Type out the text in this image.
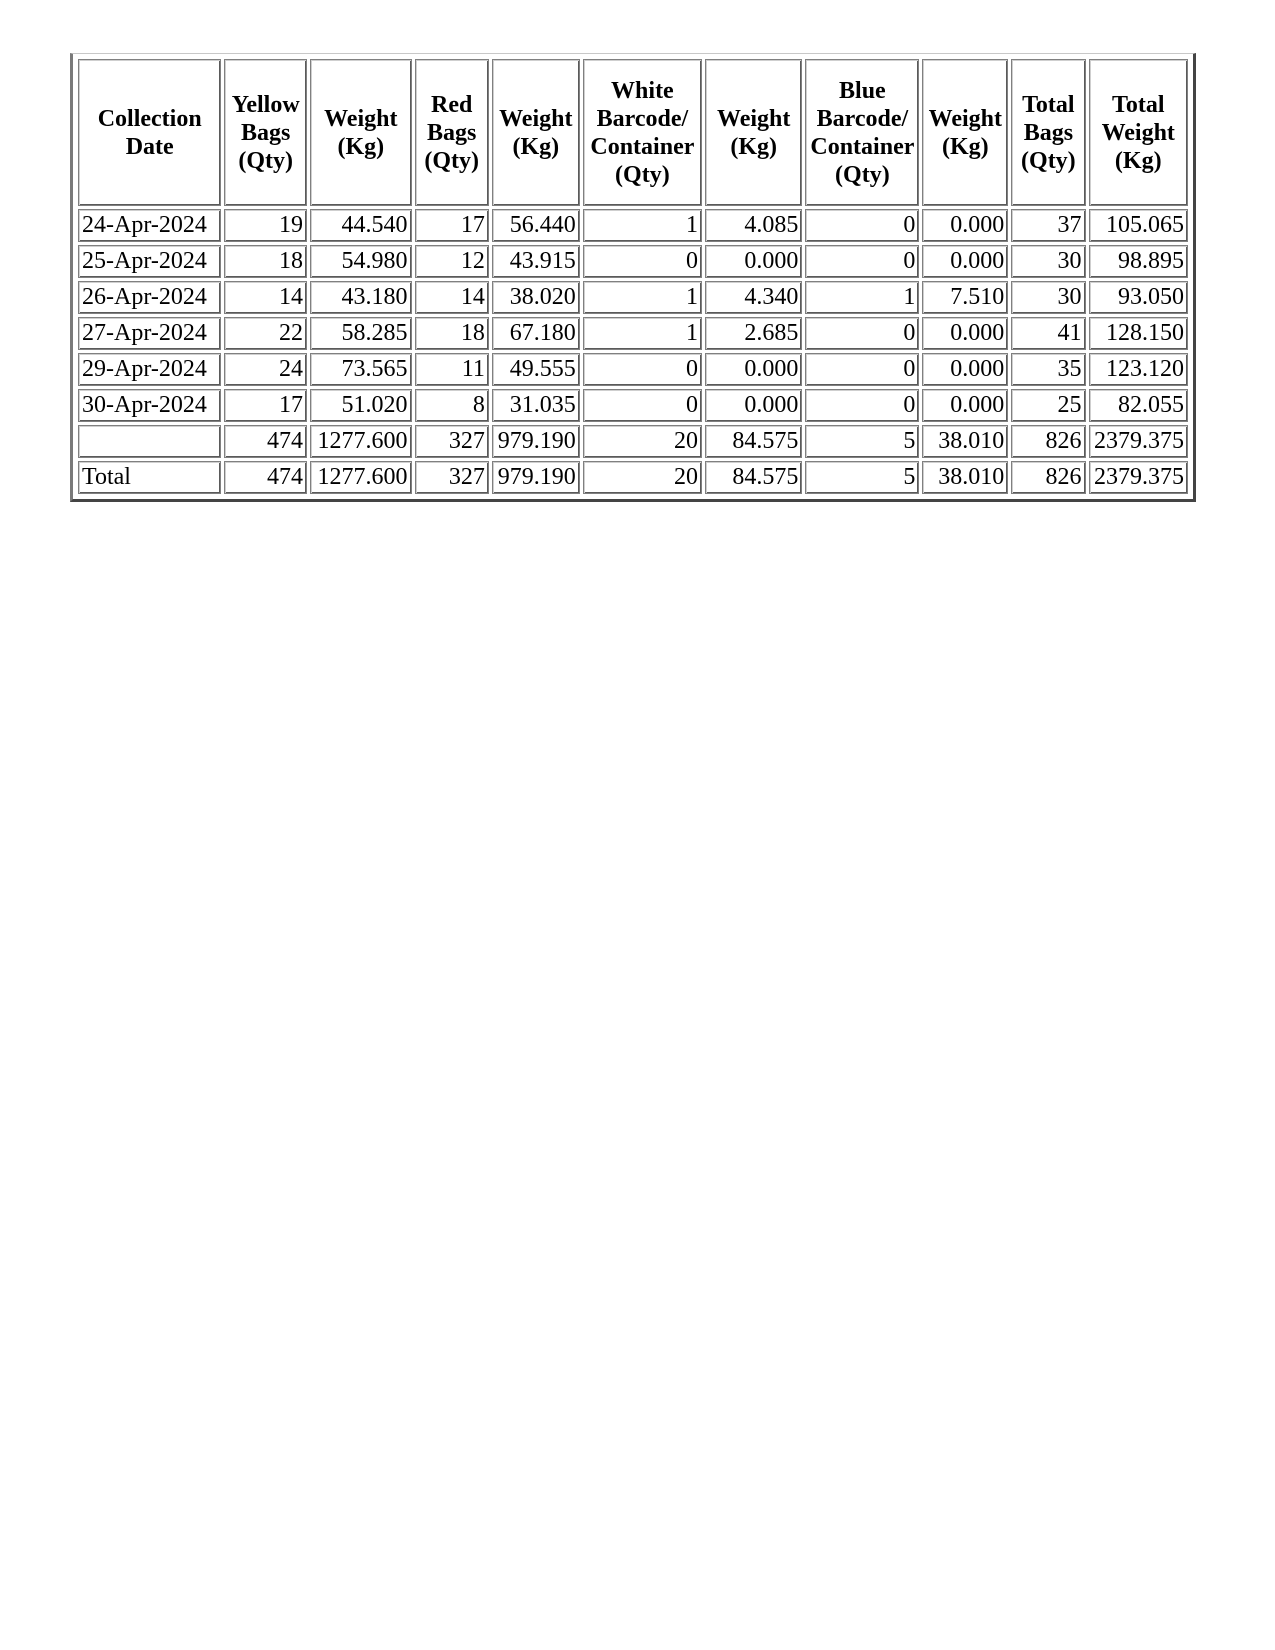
Collection Date	Yellow Bags (Qty)	Weight (Kg)	Red Bags (Qty)	Weight (Kg)	White Barcode/ Container (Qty)	Weight (Kg)	Blue Barcode/ Container (Qty)	Weight (Kg)	Total Bags (Qty)	Total Weight (Kg)
24-Apr-2024	19	44.540	17	56.440	1	4.085	0	0.000	37	105.065
25-Apr-2024	18	54.980	12	43.915	0	0.000	0	0.000	30	98.895
26-Apr-2024	14	43.180	14	38.020	1	4.340	1	7.510	30	93.050
27-Apr-2024	22	58.285	18	67.180	1	2.685	0	0.000	41	128.150
29-Apr-2024	24	73.565	11	49.555	0	0.000	0	0.000	35	123.120
30-Apr-2024	17	51.020	8	31.035	0	0.000	0	0.000	25	82.055
	474	1277.600	327	979.190	20	84.575	5	38.010	826	2379.375
Total	474	1277.600	327	979.190	20	84.575	5	38.010	826	2379.375
